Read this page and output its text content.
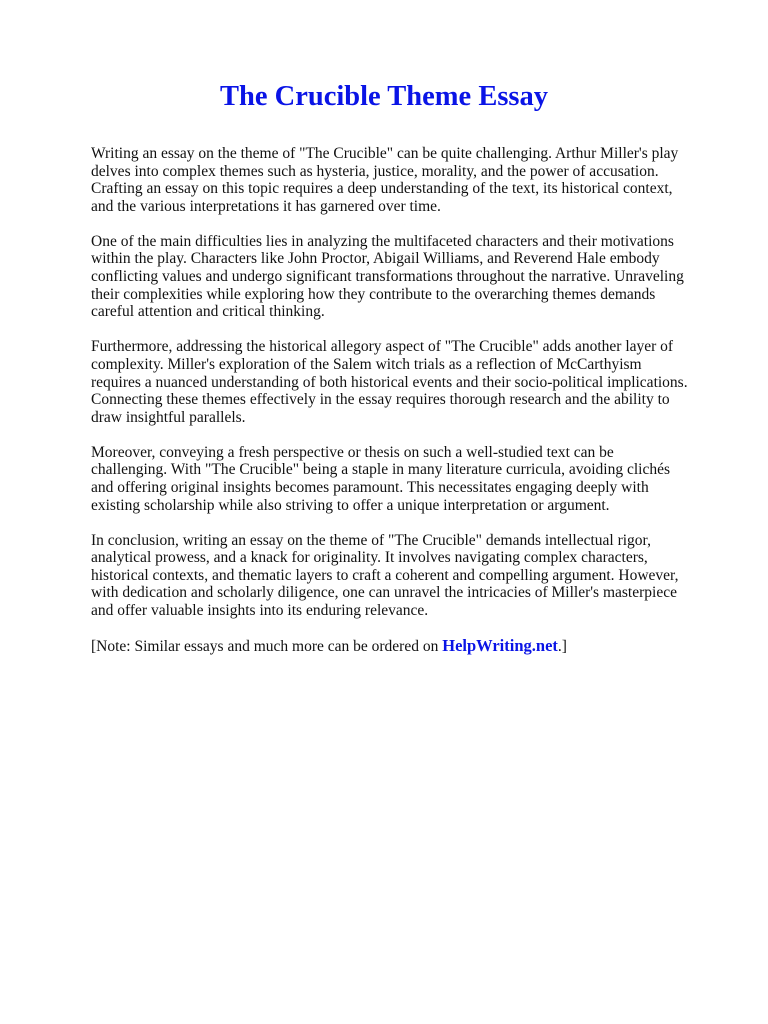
The Crucible Theme Essay

Writing an essay on the theme of "The Crucible" can be quite challenging. Arthur Miller's play delves into complex themes such as hysteria, justice, morality, and the power of accusation. Crafting an essay on this topic requires a deep understanding of the text, its historical context, and the various interpretations it has garnered over time.

One of the main difficulties lies in analyzing the multifaceted characters and their motivations within the play. Characters like John Proctor, Abigail Williams, and Reverend Hale embody conflicting values and undergo significant transformations throughout the narrative. Unraveling their complexities while exploring how they contribute to the overarching themes demands careful attention and critical thinking.

Furthermore, addressing the historical allegory aspect of "The Crucible" adds another layer of complexity. Miller's exploration of the Salem witch trials as a reflection of McCarthyism requires a nuanced understanding of both historical events and their socio-political implications. Connecting these themes effectively in the essay requires thorough research and the ability to draw insightful parallels.

Moreover, conveying a fresh perspective or thesis on such a well-studied text can be challenging. With "The Crucible" being a staple in many literature curricula, avoiding clichés and offering original insights becomes paramount. This necessitates engaging deeply with existing scholarship while also striving to offer a unique interpretation or argument.

In conclusion, writing an essay on the theme of "The Crucible" demands intellectual rigor, analytical prowess, and a knack for originality. It involves navigating complex characters, historical contexts, and thematic layers to craft a coherent and compelling argument. However, with dedication and scholarly diligence, one can unravel the intricacies of Miller's masterpiece and offer valuable insights into its enduring relevance.

[Note: Similar essays and much more can be ordered on HelpWriting.net.]
